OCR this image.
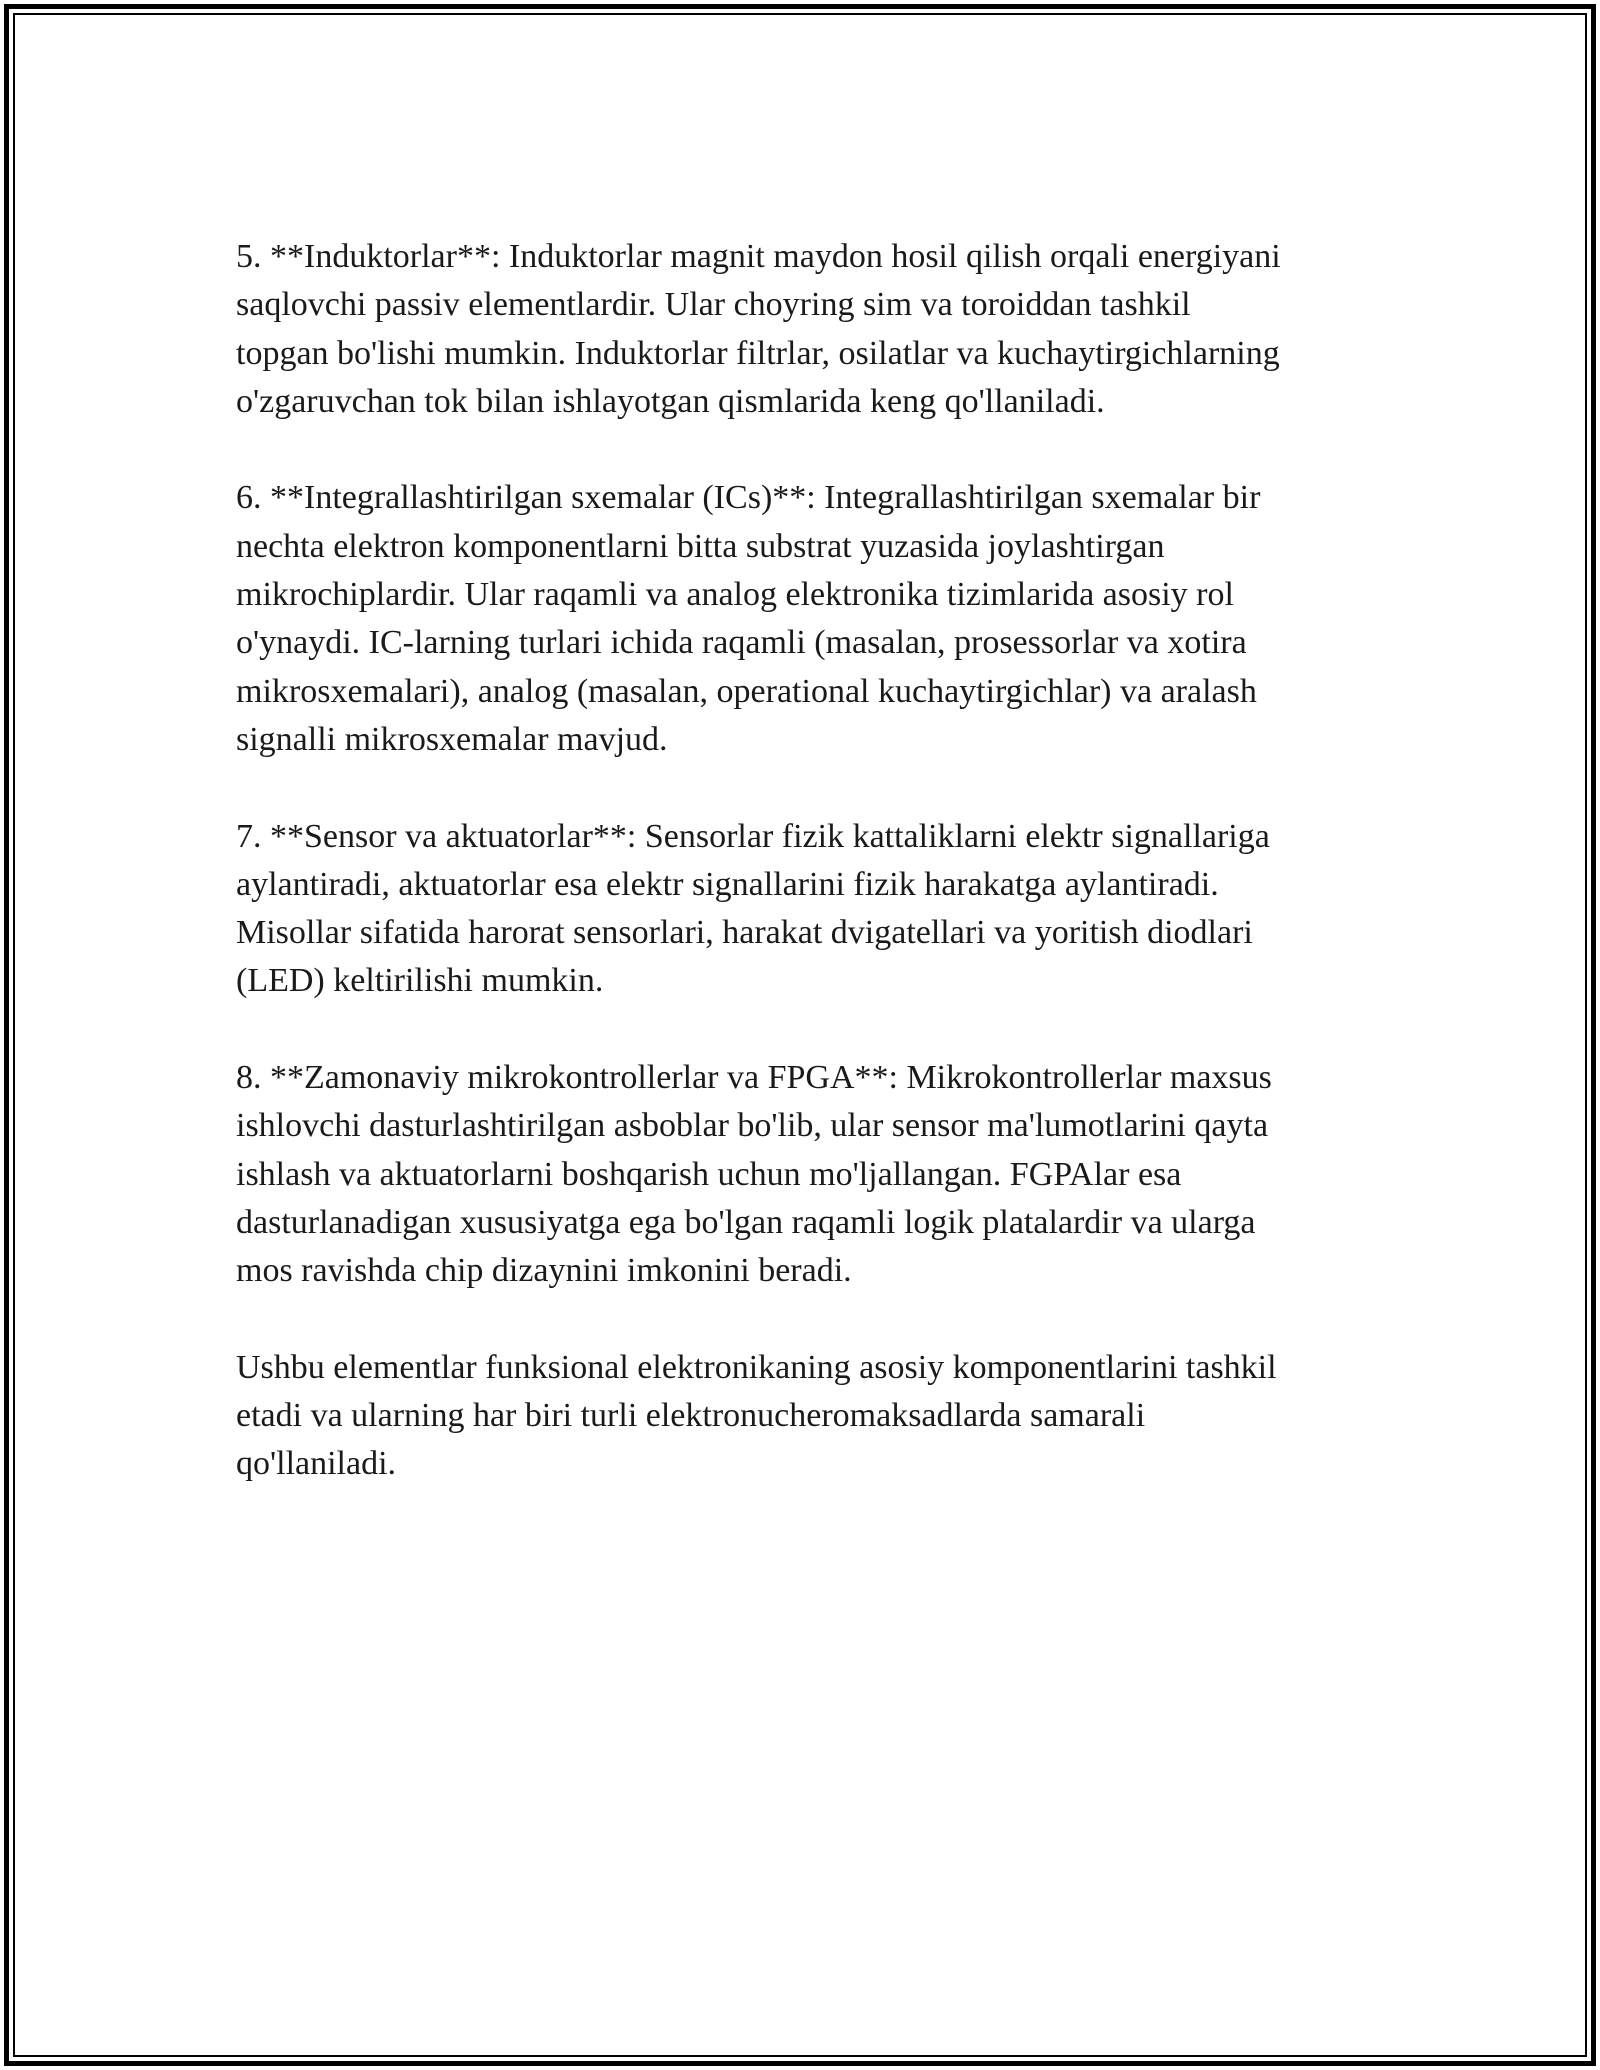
5. **Induktorlar**: Induktorlar magnit maydon hosil qilish orqali energiyani
saqlovchi passiv elementlardir. Ular choyring sim va toroiddan tashkil
topgan bo'lishi mumkin. Induktorlar filtrlar, osilatlar va kuchaytirgichlarning
o'zgaruvchan tok bilan ishlayotgan qismlarida keng qo'llaniladi.

6. **Integrallashtirilgan sxemalar (ICs)**: Integrallashtirilgan sxemalar bir
nechta elektron komponentlarni bitta substrat yuzasida joylashtirgan
mikrochiplardir. Ular raqamli va analog elektronika tizimlarida asosiy rol
o'ynaydi. IC-larning turlari ichida raqamli (masalan, prosessorlar va xotira
mikrosxemalari), analog (masalan, operational kuchaytirgichlar) va aralash
signalli mikrosxemalar mavjud.

7. **Sensor va aktuatorlar**: Sensorlar fizik kattaliklarni elektr signallariga
aylantiradi, aktuatorlar esa elektr signallarini fizik harakatga aylantiradi.
Misollar sifatida harorat sensorlari, harakat dvigatellari va yoritish diodlari
(LED) keltirilishi mumkin.

8. **Zamonaviy mikrokontrollerlar va FPGA**: Mikrokontrollerlar maxsus
ishlovchi dasturlashtirilgan asboblar bo'lib, ular sensor ma'lumotlarini qayta
ishlash va aktuatorlarni boshqarish uchun mo'ljallangan. FGPAlar esa
dasturlanadigan xususiyatga ega bo'lgan raqamli logik platalardir va ularga
mos ravishda chip dizaynini imkonini beradi.

Ushbu elementlar funksional elektronikaning asosiy komponentlarini tashkil
etadi va ularning har biri turli elektronucheromaksadlarda samarali
qo'llaniladi.
